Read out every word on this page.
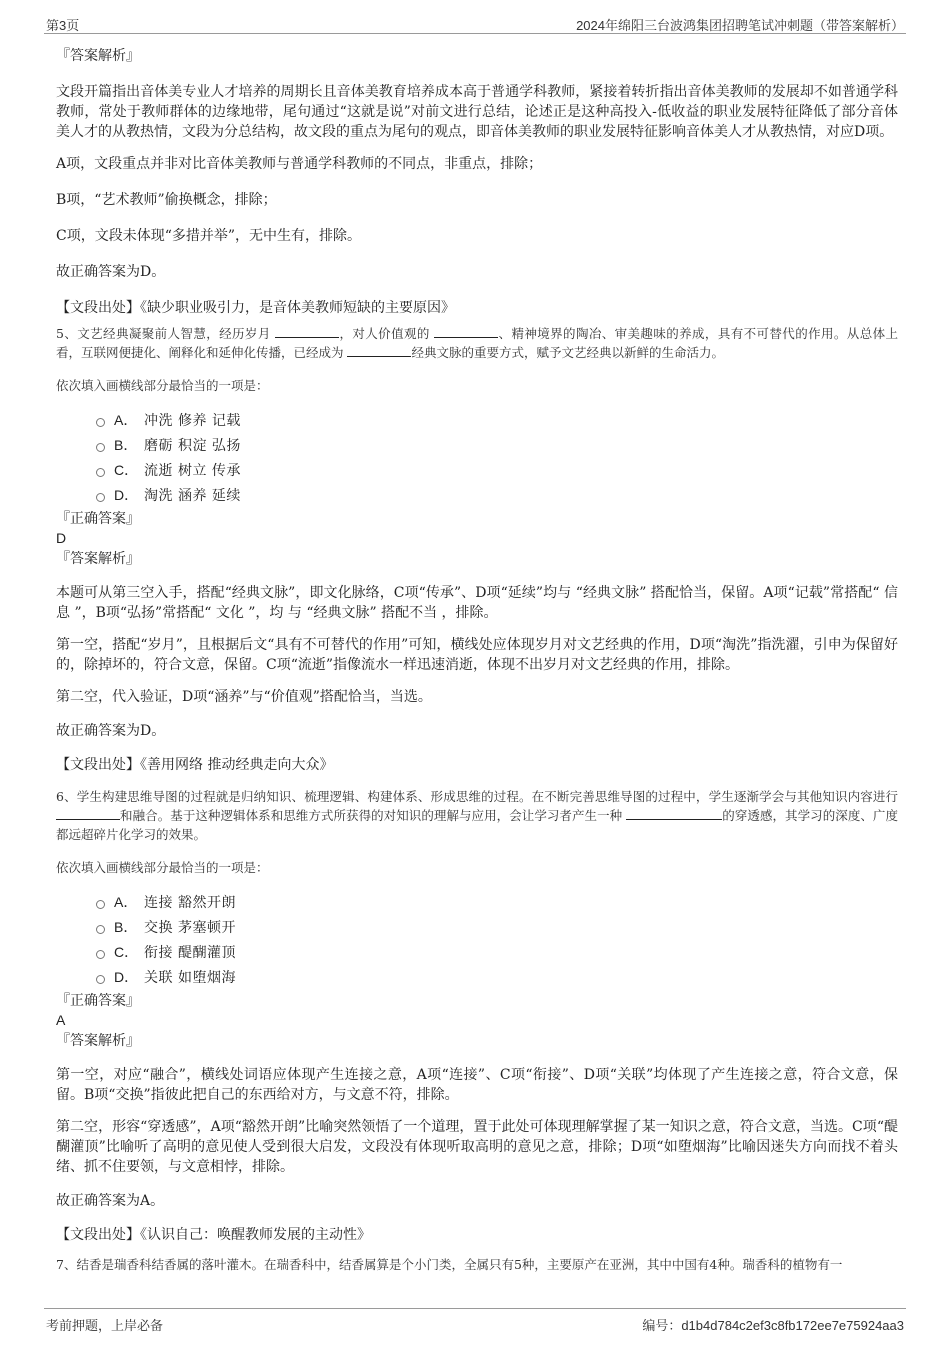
第3页	2024年绵阳三台波鸿集团招聘笔试冲刺题（带答案解析）
『答案解析』
文段开篇指出音体美专业人才培养的周期长且音体美教育培养成本高于普通学科教师，紧接着转折指出音体美教师的发展却不如普通学科教师，常处于教师群体的边缘地带，尾句通过“这就是说”对前文进行总结，论述正是这种高投入-低收益的职业发展特征降低了部分音体美人才的从教热情，文段为分总结构，故文段的重点为尾句的观点，即音体美教师的职业发展特征影响音体美人才从教热情，对应D项。
A项，文段重点并非对比音体美教师与普通学科教师的不同点，非重点，排除；
B项，“艺术教师”偷换概念，排除；
C项，文段未体现“多措并举”，无中生有，排除。
故正确答案为D。
【文段出处】《缺少职业吸引力，是音体美教师短缺的主要原因》
5、文艺经典凝聚前人智慧，经历岁月	，对人价值观的	、精神境界的陶冶、审美趣味的养成，具有不可替代的作用。从总体上看，互联网便捷化、阐释化和延伸化传播，已经成为	经典文脉的重要方式，赋予文艺经典以新鲜的生命活力。
依次填入画横线部分最恰当的一项是：
A． 冲洗 修养 记载
B． 磨砺 积淀 弘扬
C． 流逝 树立 传承
D． 淘洗 涵养 延续
『正确答案』
D
『答案解析』
本题可从第三空入手，搭配“经典文脉”，即文化脉络，C项“传承”、D项“延续”均与 “经典文脉” 搭配恰当，保留。A项“记载”常搭配“ 信息 ”，B项“弘扬”常搭配“ 文化 ”，均 与 “经典文脉” 搭配不当 ，排除。
第一空，搭配“岁月”，且根据后文“具有不可替代的作用”可知，横线处应体现岁月对文艺经典的作用，D项“淘洗”指洗濯，引申为保留好的，除掉坏的，符合文意，保留。C项“流逝”指像流水一样迅速消逝，体现不出岁月对文艺经典的作用，排除。
第二空，代入验证，D项“涵养”与“价值观”搭配恰当，当选。
故正确答案为D。
【文段出处】《善用网络 推动经典走向大众》
6、学生构建思维导图的过程就是归纳知识、梳理逻辑、构建体系、形成思维的过程。在不断完善思维导图的过程中，学生逐渐学会与其他知识内容进行 和融合。基于这种逻辑体系和思维方式所获得的对知识的理解与应用，会让学习者产生一种	的穿透感，其学习的深度、广度都远超碎片化学习的效果。
依次填入画横线部分最恰当的一项是：
A． 连接 豁然开朗
B． 交换 茅塞顿开
C． 衔接 醍醐灌顶
D． 关联 如堕烟海
『正确答案』
A
『答案解析』
第一空，对应“融合”，横线处词语应体现产生连接之意，A项“连接”、C项“衔接”、D项“关联”均体现了产生连接之意，符合文意，保留。B项“交换”指彼此把自己的东西给对方，与文意不符，排除。
第二空，形容“穿透感”，A项“豁然开朗”比喻突然领悟了一个道理，置于此处可体现理解掌握了某一知识之意，符合文意，当选。C项“醍醐灌顶”比喻听了高明的意见使人受到很大启发，文段没有体现听取高明的意见之意，排除；D项“如堕烟海”比喻因迷失方向而找不着头绪、抓不住要领，与文意相悖，排除。
故正确答案为A。
【文段出处】《认识自己：唤醒教师发展的主动性》
7、结香是瑞香科结香属的落叶灌木。在瑞香科中，结香属算是个小门类，全属只有5种，主要原产在亚洲，其中中国有4种。瑞香科的植物有一
考前押题，上岸必备	编号：d1b4d784c2ef3c8fb172ee7e75924aa3
